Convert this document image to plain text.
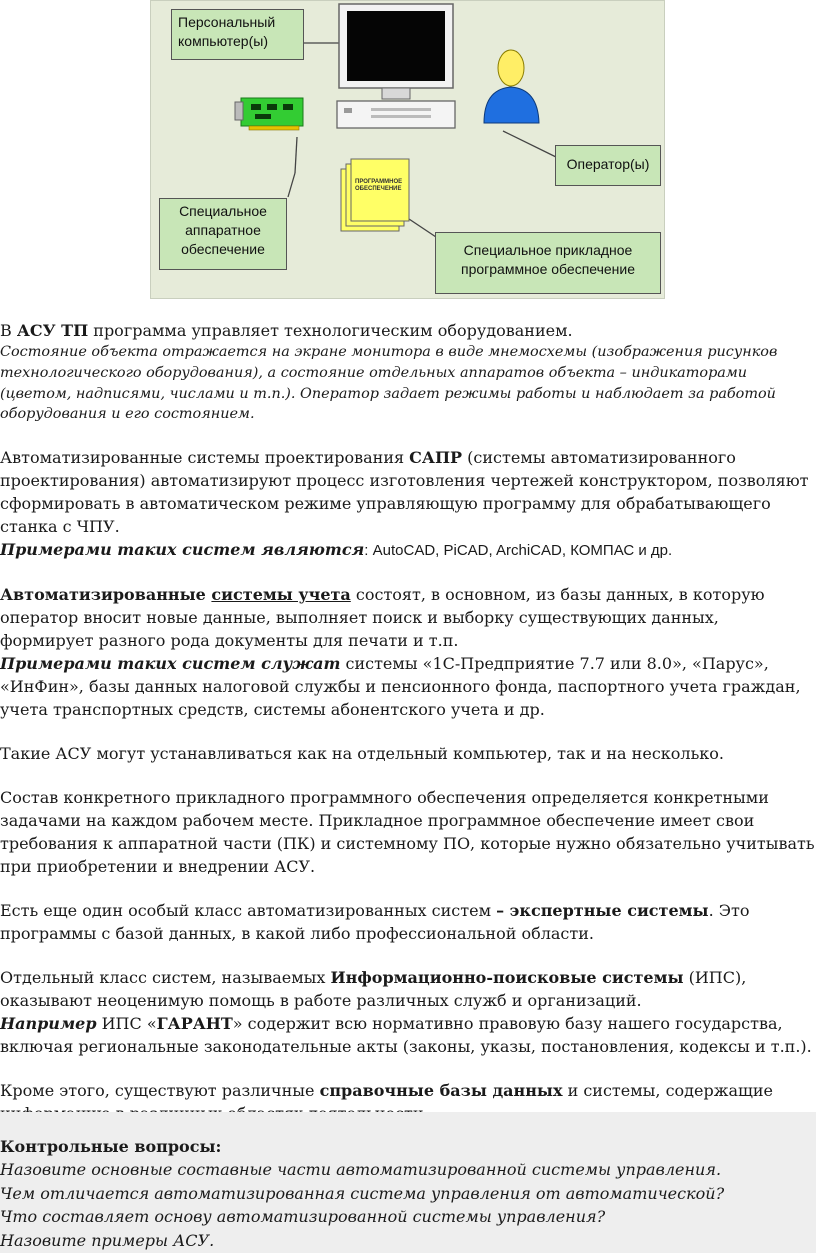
ПРОГРАММНОЕ ОБЕСПЕЧЕНИЕ
Персональный компьютер(ы)
Оператор(ы)
Специальное аппаратное обеспечение	Специальное прикладное программное обеспечение

В АСУ ТП программа управляет технологическим оборудованием.

Состояние объекта отражается на экране монитора в виде мнемосхемы (изображения рисунков технологического оборудования), а состояние отдельных аппаратов объекта – индикаторами (цветом, надписями, числами и т.п.). Оператор задает режимы работы и наблюдает за работой оборудования и его состоянием.

Автоматизированные системы проектирования САПР (системы автоматизированного проектирования) автоматизируют процесс изготовления чертежей конструктором, позволяют сформировать в автоматическом режиме управляющую программу для обрабатывающего станка с ЧПУ.

Примерами таких систем являются: AutoCAD, PiCAD, ArchiCAD, КОМПАС и др.

Автоматизированные системы учета состоят, в основном, из базы данных, в которую оператор вносит новые данные, выполняет поиск и выборку существующих данных, формирует разного рода документы для печати и т.п.

Примерами таких систем служат системы «1С-Предприятие 7.7 или 8.0», «Парус», «ИнФин», базы данных налоговой службы и пенсионного фонда, паспортного учета граждан, учета транспортных средств, системы абонентского учета и др.

Такие АСУ могут устанавливаться как на отдельный компьютер, так и на несколько.

Состав конкретного прикладного программного обеспечения определяется конкретными задачами на каждом рабочем месте. Прикладное программное обеспечение имеет свои требования к аппаратной части (ПК) и системному ПО, которые нужно обязательно учитывать при приобретении и внедрении АСУ.

Есть еще один особый класс автоматизированных систем – экспертные системы. Это программы с базой данных, в какой либо профессиональной области.

Отдельный класс систем, называемых Информационно-поисковые системы (ИПС), оказывают неоценимую помощь в работе различных служб и организаций.

Например ИПС «ГАРАНТ» содержит всю нормативно правовую базу нашего государства, включая региональные законодательные акты (законы, указы, постановления, кодексы и т.п.).

Кроме этого, существуют различные справочные базы данных и системы, содержащие

Контрольные вопросы:

Назовите основные составные части автоматизированной системы управления.

Чем отличается автоматизированная система управления от автоматической?

Что составляет основу автоматизированной системы управления?

Назовите примеры АСУ.
